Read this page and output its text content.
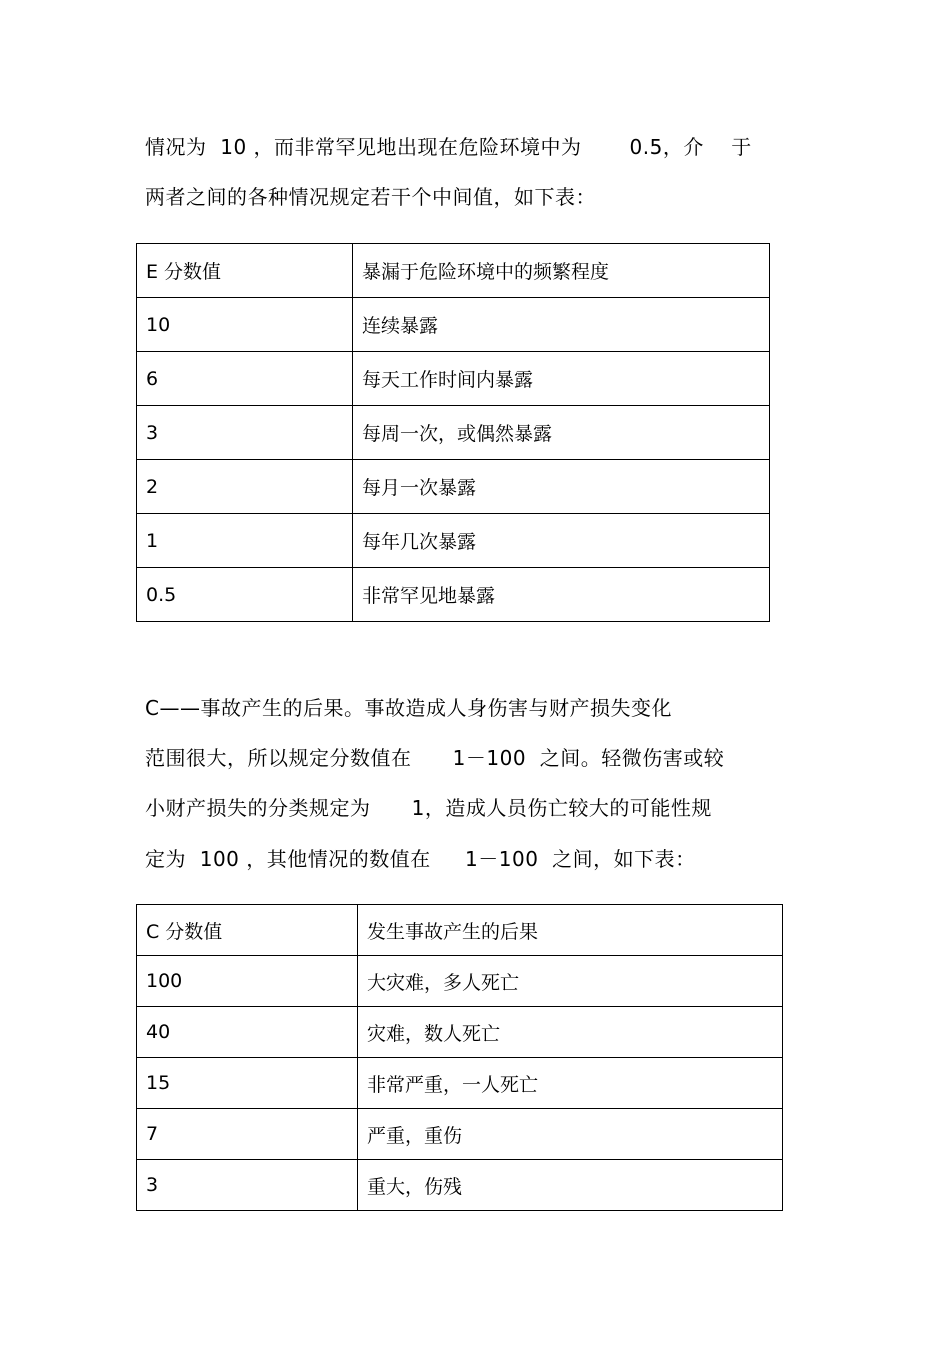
情况为  10 ，而非常罕见地出现在危险环境中为       0.5，介    于

两者之间的各种情况规定若干个中间值，如下表：

E 分数值	暴漏于危险环境中的频繁程度
10	连续暴露
6	每天工作时间内暴露
3	每周一次，或偶然暴露
2	每月一次暴露
1	每年几次暴露
0.5	非常罕见地暴露

C——事故产生的后果。事故造成人身伤害与财产损失变化

范围很大，所以规定分数值在      1－100  之间。轻微伤害或较

小财产损失的分类规定为      1，造成人员伤亡较大的可能性规

定为  100 ，其他情况的数值在     1－100  之间，如下表：

C 分数值	发生事故产生的后果
100	大灾难，多人死亡
40	灾难，数人死亡
15	非常严重，一人死亡
7	严重，重伤
3	重大，伤残
